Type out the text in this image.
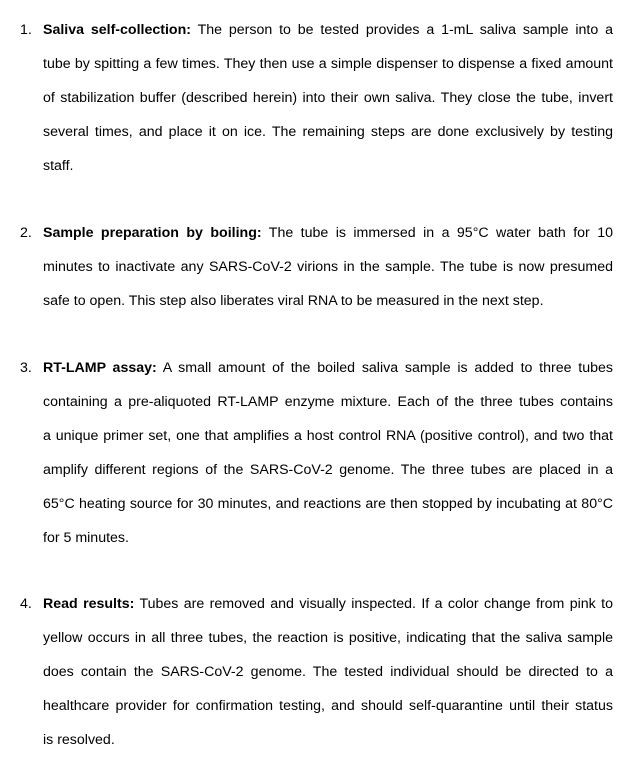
1. Saliva self-collection: The person to be tested provides a 1-mL saliva sample into a
tube by spitting a few times. They then use a simple dispenser to dispense a fixed amount
of stabilization buffer (described herein) into their own saliva. They close the tube, invert
several times, and place it on ice. The remaining steps are done exclusively by testing
staff.
2. Sample preparation by boiling: The tube is immersed in a 95°C water bath for 10
minutes to inactivate any SARS-CoV-2 virions in the sample. The tube is now presumed
safe to open. This step also liberates viral RNA to be measured in the next step.
3. RT-LAMP assay: A small amount of the boiled saliva sample is added to three tubes
containing a pre-aliquoted RT-LAMP enzyme mixture. Each of the three tubes contains
a unique primer set, one that amplifies a host control RNA (positive control), and two that
amplify different regions of the SARS-CoV-2 genome. The three tubes are placed in a
65°C heating source for 30 minutes, and reactions are then stopped by incubating at 80°C
for 5 minutes.
4. Read results: Tubes are removed and visually inspected. If a color change from pink to
yellow occurs in all three tubes, the reaction is positive, indicating that the saliva sample
does contain the SARS-CoV-2 genome. The tested individual should be directed to a
healthcare provider for confirmation testing, and should self-quarantine until their status
is resolved.
